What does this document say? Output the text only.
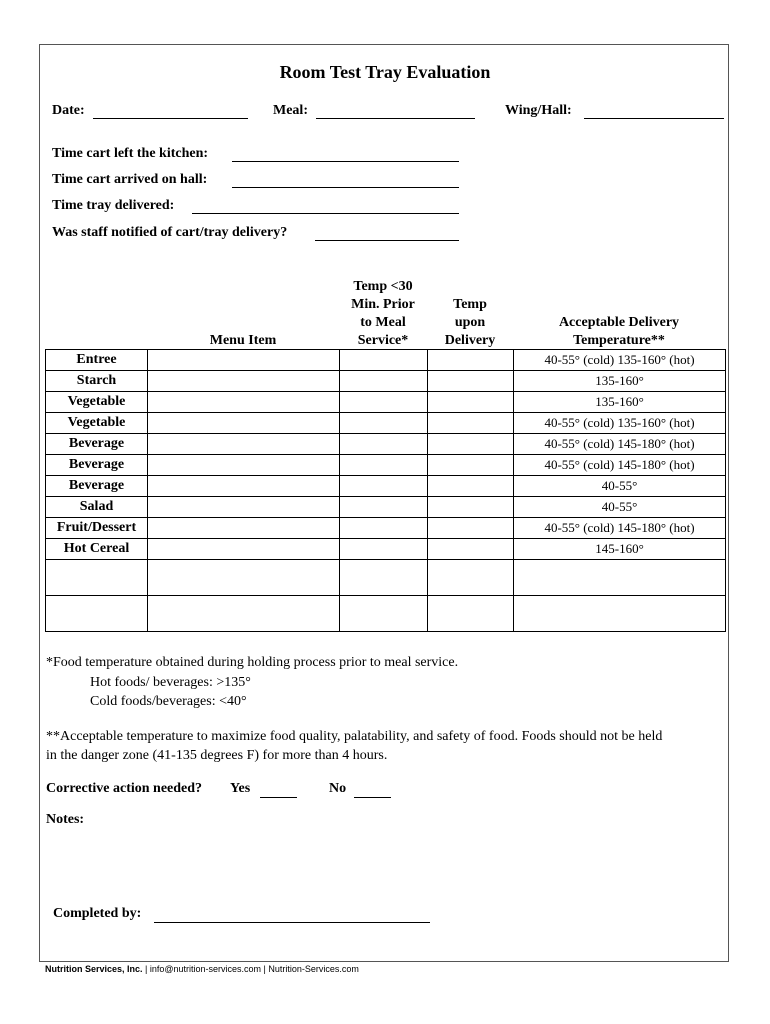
Room Test Tray Evaluation
Date:	Meal:	Wing/Hall:
Time cart left the kitchen:
Time cart arrived on hall:
Time tray delivered:
Was staff notified of cart/tray delivery?
Menu Item
Temp <30
Min. Prior
to Meal
Service*
Temp
upon
Delivery
Acceptable Delivery
Temperature**
Entree				40-55° (cold) 135-160° (hot)
Starch				135-160°
Vegetable				135-160°
Vegetable				40-55° (cold) 135-160° (hot)
Beverage				40-55° (cold) 145-180° (hot)
Beverage				40-55° (cold) 145-180° (hot)
Beverage				40-55°
Salad				40-55°
Fruit/Dessert				40-55° (cold) 145-180° (hot)
Hot Cereal				145-160°

*Food temperature obtained during holding process prior to meal service.
Hot foods/ beverages: >135°
Cold foods/beverages: <40°
**Acceptable temperature to maximize food quality, palatability, and safety of food. Foods should not be held
in the danger zone (41-135 degrees F) for more than 4 hours.
Corrective action needed? Yes	No
Notes:
Completed by:
Nutrition Services, Inc. | info@nutrition-services.com | Nutrition-Services.com
